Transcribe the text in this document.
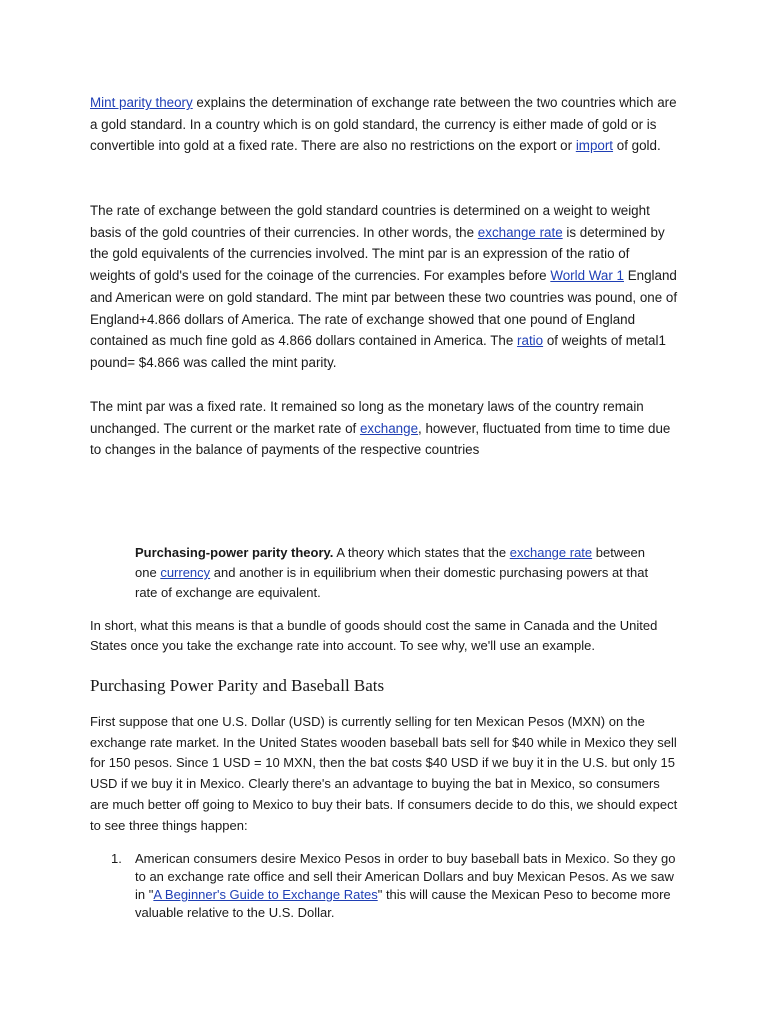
Mint parity theory explains the determination of exchange rate between the two countries which are a gold standard. In a country which is on gold standard, the currency is either made of gold or is convertible into gold at a fixed rate. There are also no restrictions on the export or import of gold.

The rate of exchange between the gold standard countries is determined on a weight to weight basis of the gold countries of their currencies. In other words, the exchange rate is determined by the gold equivalents of the currencies involved. The mint par is an expression of the ratio of weights of gold's used for the coinage of the currencies. For examples before World War 1 England and American were on gold standard. The mint par between these two countries was pound, one of England+4.866 dollars of America. The rate of exchange showed that one pound of England contained as much fine gold as 4.866 dollars contained in America. The ratio of weights of metal1 pound= $4.866 was called the mint parity.

The mint par was a fixed rate. It remained so long as the monetary laws of the country remain unchanged. The current or the market rate of exchange, however, fluctuated from time to time due to changes in the balance of payments of the respective countries

Purchasing-power parity theory. A theory which states that the exchange rate between one currency and another is in equilibrium when their domestic purchasing powers at that rate of exchange are equivalent.

In short, what this means is that a bundle of goods should cost the same in Canada and the United States once you take the exchange rate into account. To see why, we'll use an example.

Purchasing Power Parity and Baseball Bats

First suppose that one U.S. Dollar (USD) is currently selling for ten Mexican Pesos (MXN) on the exchange rate market. In the United States wooden baseball bats sell for $40 while in Mexico they sell for 150 pesos. Since 1 USD = 10 MXN, then the bat costs $40 USD if we buy it in the U.S. but only 15 USD if we buy it in Mexico. Clearly there's an advantage to buying the bat in Mexico, so consumers are much better off going to Mexico to buy their bats. If consumers decide to do this, we should expect to see three things happen:

1. American consumers desire Mexico Pesos in order to buy baseball bats in Mexico. So they go to an exchange rate office and sell their American Dollars and buy Mexican Pesos. As we saw in "A Beginner's Guide to Exchange Rates" this will cause the Mexican Peso to become more valuable relative to the U.S. Dollar.
